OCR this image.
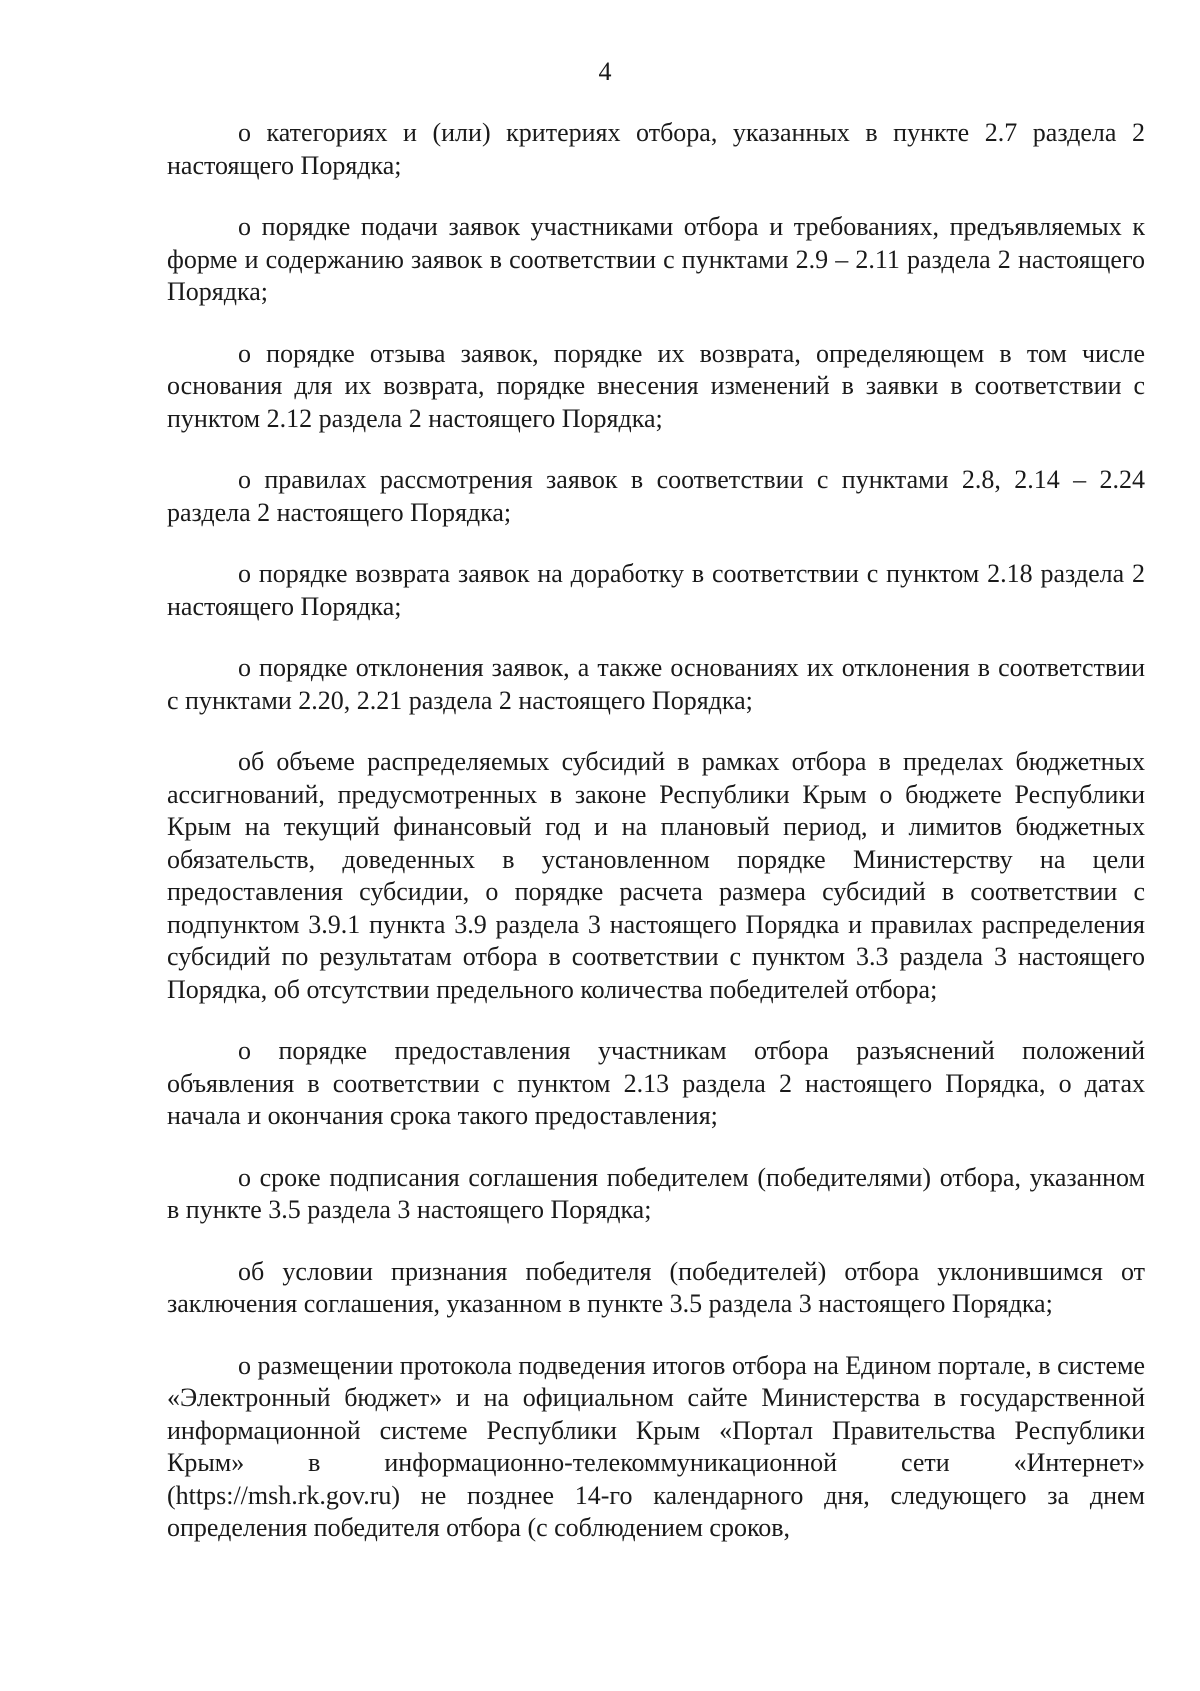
4

о категориях и (или) критериях отбора, указанных в пункте 2.7 раздела 2 настоящего Порядка;

о порядке подачи заявок участниками отбора и требованиях, предъявляемых к форме и содержанию заявок в соответствии с пунктами 2.9 – 2.11 раздела 2 настоящего Порядка;

о порядке отзыва заявок, порядке их возврата, определяющем в том числе основания для их возврата, порядке внесения изменений в заявки в соответствии с пунктом 2.12 раздела 2 настоящего Порядка;

о правилах рассмотрения заявок в соответствии с пунктами 2.8, 2.14 – 2.24 раздела 2 настоящего Порядка;

о порядке возврата заявок на доработку в соответствии с пунктом 2.18 раздела 2 настоящего Порядка;

о порядке отклонения заявок, а также основаниях их отклонения в соответствии с пунктами 2.20, 2.21 раздела 2 настоящего Порядка;

об объеме распределяемых субсидий в рамках отбора в пределах бюджетных ассигнований, предусмотренных в законе Республики Крым о бюджете Республики Крым на текущий финансовый год и на плановый период, и лимитов бюджетных обязательств, доведенных в установленном порядке Министерству на цели предоставления субсидии, о порядке расчета размера субсидий в соответствии с подпунктом 3.9.1 пункта 3.9 раздела 3 настоящего Порядка и правилах распределения субсидий по результатам отбора в соответствии с пунктом 3.3 раздела 3 настоящего Порядка, об отсутствии предельного количества победителей отбора;

о порядке предоставления участникам отбора разъяснений положений объявления в соответствии с пунктом 2.13 раздела 2 настоящего Порядка, о датах начала и окончания срока такого предоставления;

о сроке подписания соглашения победителем (победителями) отбора, указанном в пункте 3.5 раздела 3 настоящего Порядка;

об условии признания победителя (победителей) отбора уклонившимся от заключения соглашения, указанном в пункте 3.5 раздела 3 настоящего Порядка;

о размещении протокола подведения итогов отбора на Едином портале, в системе «Электронный бюджет» и на официальном сайте Министерства в государственной информационной системе Республики Крым «Портал Правительства Республики Крым» в информационно-телекоммуникационной сети «Интернет» (https://msh.rk.gov.ru) не позднее 14-го календарного дня, следующего за днем определения победителя отбора (с соблюдением сроков,
